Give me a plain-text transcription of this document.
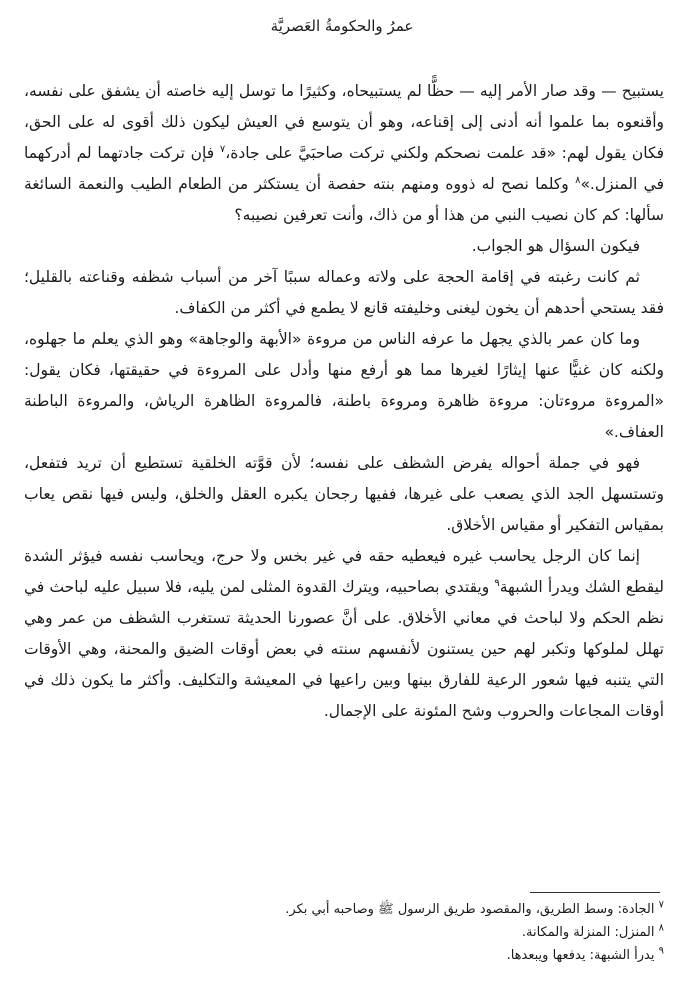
عمرُ والحكومةُ العَصريَّة

يستبيح — وقد صار الأمر إليه — حظًّا لم يستبيحاه، وكثيرًا ما توسل إليه خاصته أن يشفق على نفسه، وأقنعوه بما علموا أنه أدنى إلى إقناعه، وهو أن يتوسع في العيش ليكون ذلك أقوى له على الحق، فكان يقول لهم: «قد علمت نصحكم ولكني تركت صاحبَيَّ على جادة،$^٧$ فإن تركت جادتهما لم أدركهما في المنزل.»$^٨$ وكلما نصح له ذووه ومنهم بنته حفصة أن يستكثر من الطعام الطيب والنعمة السائغة سألها: كم كان نصيب النبي من هذا أو من ذاك، وأنت تعرفين نصيبه؟

فيكون السؤال هو الجواب.

ثم كانت رغبته في إقامة الحجة على ولاته وعماله سببًا آخر من أسباب شظفه وقناعته بالقليل؛ فقد يستحي أحدهم أن يخون ليغنى وخليفته قانع لا يطمع في أكثر من الكفاف.

وما كان عمر بالذي يجهل ما عرفه الناس من مروءة «الأبهة والوجاهة» وهو الذي يعلم ما جهلوه، ولكنه كان غنيًّا عنها إيثارًا لغيرها مما هو أرفع منها وأدل على المروءة في حقيقتها، فكان يقول: «المروءة مروءتان: مروءة ظاهرة ومروءة باطنة، فالمروءة الظاهرة الرياش، والمروءة الباطنة العفاف.»

فهو في جملة أحواله يفرض الشظف على نفسه؛ لأن قوَّته الخلقية تستطيع أن تريد فتفعل، وتستسهل الجد الذي يصعب على غيرها، ففيها رجحان يكبره العقل والخلق، وليس فيها نقص يعاب بمقياس التفكير أو مقياس الأخلاق.

إنما كان الرجل يحاسب غيره فيعطيه حقه في غير بخس ولا حرج، ويحاسب نفسه فيؤثر الشدة ليقطع الشك ويدرأ الشبهة$^٩$ ويقتدي بصاحبيه، ويترك القدوة المثلى لمن يليه، فلا سبيل عليه لباحث في نظم الحكم ولا لباحث في معاني الأخلاق. على أنَّ عصورنا الحديثة تستغرب الشظف من عمر وهي تهلل لملوكها وتكبر لهم حين يستنون لأنفسهم سنته في بعض أوقات الضيق والمحنة، وهي الأوقات التي يتنبه فيها شعور الرعية للفارق بينها وبين راعيها في المعيشة والتكليف. وأكثر ما يكون ذلك في أوقات المجاعات والحروب وشح المئونة على الإجمال.

$^٧$ الجادة: وسط الطريق، والمقصود طريق الرسول ﷺ وصاحبه أبي بكر.

$^٨$ المنزل: المنزلة والمكانة.

$^٩$ يدرأ الشبهة: يدفعها ويبعدها.
